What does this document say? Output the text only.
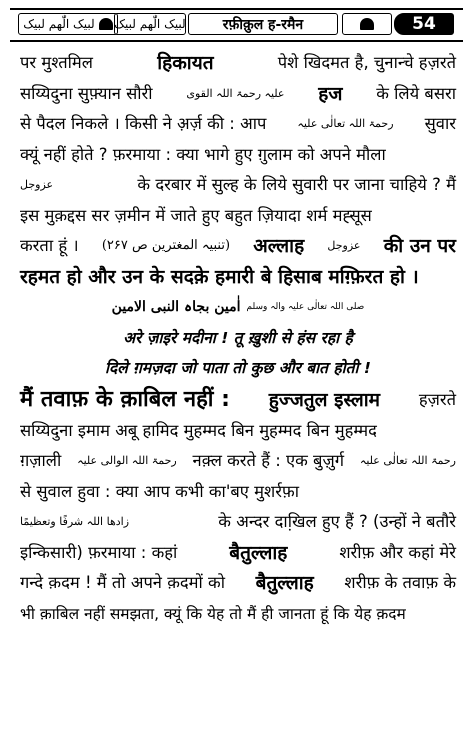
لبیک الّٰھم لبیک لبیک الّٰھم لبیک	रफ़ीक़ुल ह-रमैन	54
पर मुश्तमिल	हिकायत	पेशे खिदमत है, चुनान्चे हज़रते
सय्यिदुना सुफ़्यान सौरी	علیہ رحمۃ اللہ القوی हज के लिये बसरा
से पैदल निकले । किसी ने अ़र्ज़ की : आप	رحمۃ اللہ تعالٰی علیہ सुवार
क्यूं नहीं होते ? फ़रमाया : क्या भागे हुए ग़ुलाम को अपने मौला
عزوجل	के दरबार में सुल्ह के लिये सुवारी पर जाना चाहिये ? मैं
इस मुक़द्दस सर ज़मीन में जाते हुए बहुत ज़ियादा शर्म मह्सूस
करता हूं । (تنبیہ المغترین ص ۲۶۷) अल्लाह عزوجل की उन पर
रहमत हो और उन के सदक़े हमारी बे हिसाब मग़्फ़िरत हो ।
اٰمین بجاہ النبی الامین صلی اللہ تعالٰی علیہ والہ وسلم
अरे ज़ाइरे मदीना ! तू ख़ुशी से हंस रहा है
दिले ग़मज़दा जो पाता तो कुछ और बात होती !
मैं तवाफ़ के क़ाबिल नहीं : हुज्जतुल इस्लाम हज़रते
सय्यिदुना इमाम अबू हामिद मुहम्मद बिन मुहम्मद बिन मुहम्मद
ग़ज़ाली رحمۃ اللہ الوالی علیہ नक़्ल करते हैं : एक बुज़ुर्ग رحمۃ اللہ تعالٰی علیہ
से सुवाल हुवा : क्या आप कभी का'बए मुशर्रफ़ा
زادھا اللہ شرفًا وتعظیمًا	के अन्दर दाखि़ल हुए हैं ? (उन्हों ने बतौरे
इन्किसारी) फ़रमाया : कहां	बैतुल्लाह	शरीफ़ और कहां मेरे
गन्दे क़दम ! मैं तो अपने क़दमों को बैतुल्लाह शरीफ़ के तवाफ़ के
भी क़ाबिल नहीं समझता, क्यूं कि येह तो मैं ही जानता हूं कि येह क़दम
